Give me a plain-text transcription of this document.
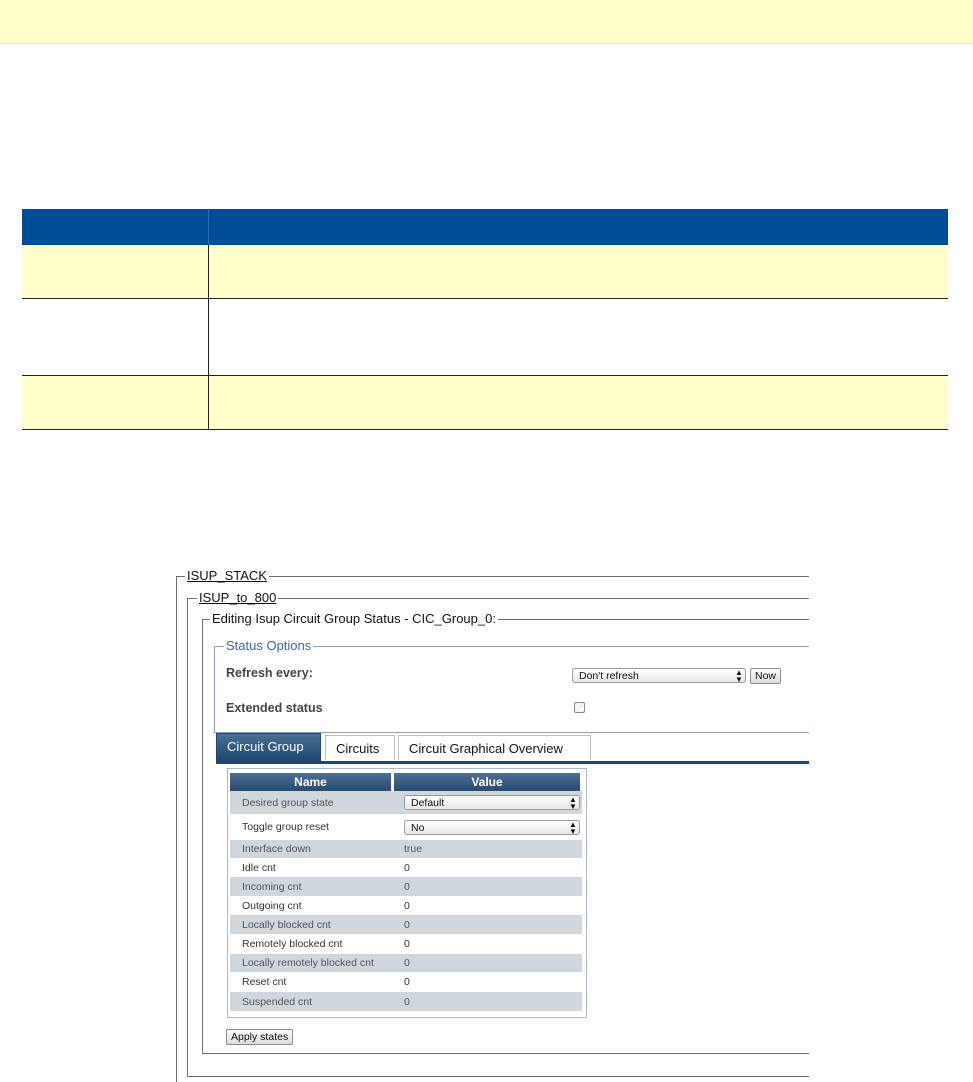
ISUP_STACK
ISUP_to_800
Editing Isup Circuit Group Status - CIC_Group_0:
Status Options
Refresh every:	Don't refresh	▲
▼	Now
Extended status
Circuit Group	Circuits	Circuit Graphical Overview
Name	Value
Desired group state	Default	▲
▼
Toggle group reset	No	▲
▼
Interface down	true
Idle cnt	0
Incoming cnt	0
Outgoing cnt	0
Locally blocked cnt	0
Remotely blocked cnt	0
Locally remotely blocked cnt	0
Reset cnt	0
Suspended cnt	0
Apply states
